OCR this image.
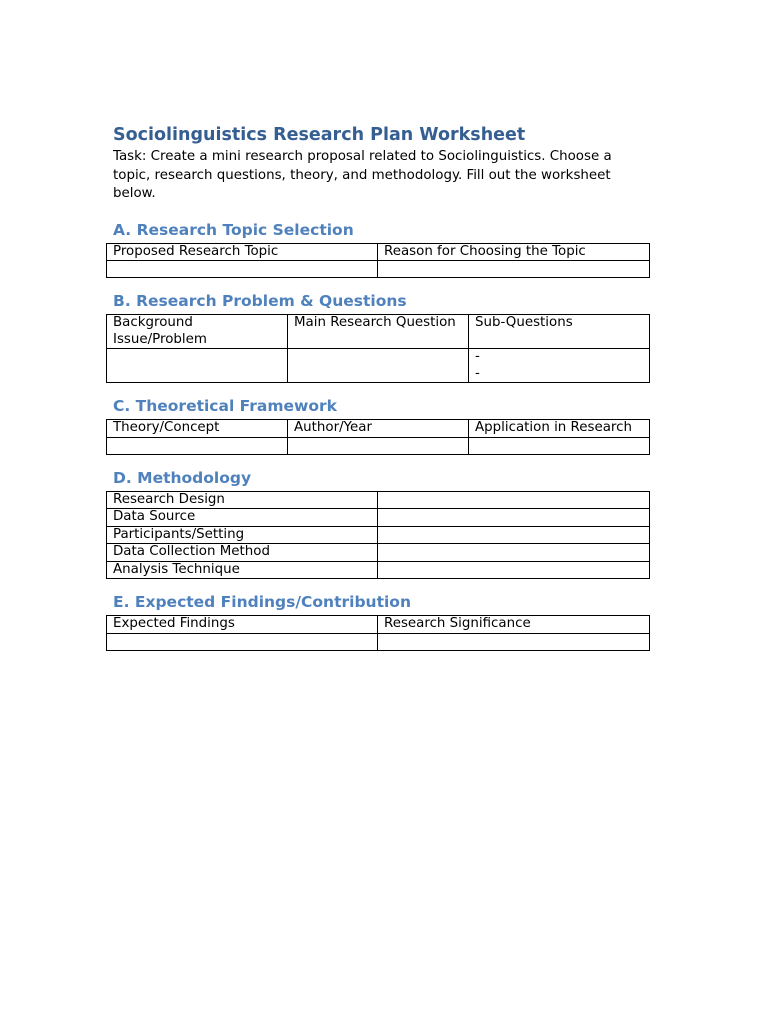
Sociolinguistics Research Plan Worksheet
Task: Create a mini research proposal related to Sociolinguistics. Choose a topic, research questions, theory, and methodology. Fill out the worksheet below.
A. Research Topic Selection
Proposed Research Topic	Reason for Choosing the Topic

B. Research Problem & Questions
Background Issue/Problem	Main Research Question	Sub-Questions

		-
-
C. Theoretical Framework
Theory/Concept	Author/Year	Application in Research

D. Methodology
Research Design	
Data Source	
Participants/Setting	
Data Collection Method	
Analysis Technique	
E. Expected Findings/Contribution
Expected Findings	Research Significance
